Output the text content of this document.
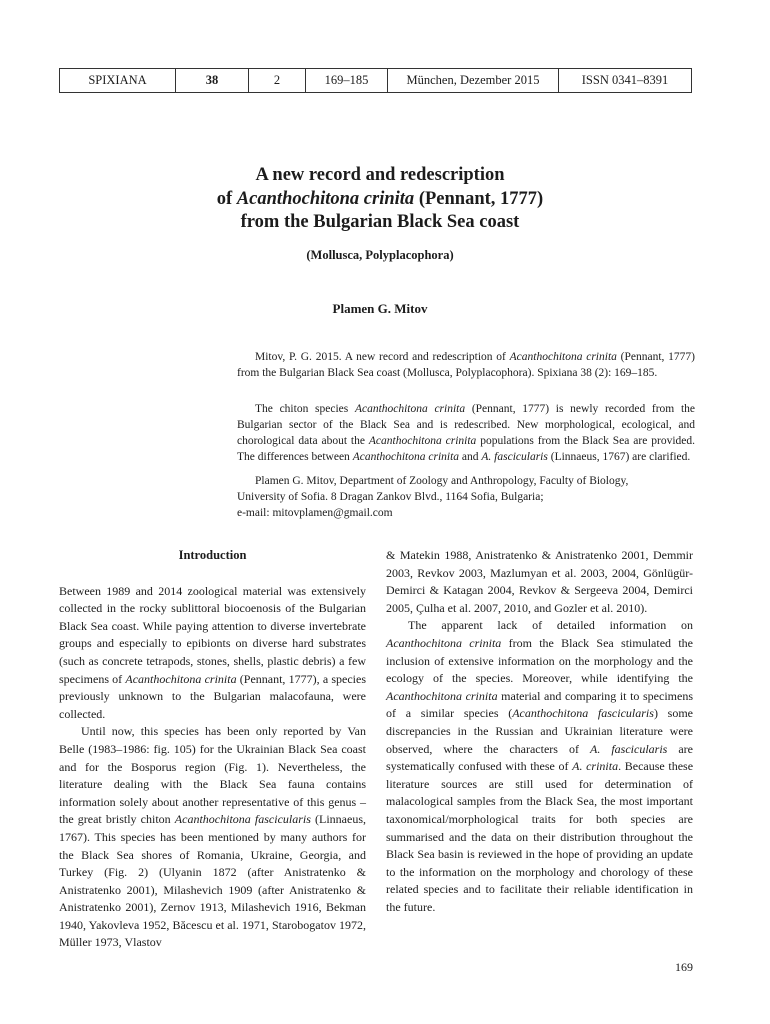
SPIXIANA	38	2	169–185	München, Dezember 2015	ISSN 0341–8391
A new record and redescription
of Acanthochitona crinita (Pennant, 1777)
from the Bulgarian Black Sea coast
(Mollusca, Polyplacophora)
Plamen G. Mitov

Mitov, P. G. 2015. A new record and redescription of Acanthochitona crinita (Pennant, 1777) from the Bulgarian Black Sea coast (Mollusca, Polyplacophora). Spixiana 38 (2): 169–185.

The chiton species Acanthochitona crinita (Pennant, 1777) is newly recorded from the Bulgarian sector of the Black Sea and is redescribed. New morphological, ecological, and chorological data about the Acanthochitona crinita populations from the Black Sea are provided. The differences between Acanthochitona crinita and A. fascicularis (Linnaeus, 1767) are clarified.

Plamen G. Mitov, Department of Zoology and Anthropology, Faculty of Biology,

University of Sofia. 8 Dragan Zankov Blvd., 1164 Sofia, Bulgaria;
e-mail: mitovplamen@gmail.com
Introduction

Between 1989 and 2014 zoological material was extensively collected in the rocky sublittoral biocoenosis of the Bulgarian Black Sea coast. While paying attention to diverse invertebrate groups and especially to epibionts on diverse hard substrates (such as concrete tetrapods, stones, shells, plastic debris) a few specimens of Acanthochitona crinita (Pennant, 1777), a species previously unknown to the Bulgarian malacofauna, were collected.

Until now, this species has been only reported by Van Belle (1983–1986: fig. 105) for the Ukrainian Black Sea coast and for the Bosporus region (Fig. 1). Nevertheless, the literature dealing with the Black Sea fauna contains information solely about another representative of this genus – the great bristly chiton Acanthochitona fascicularis (Linnaeus, 1767). This species has been mentioned by many authors for the Black Sea shores of Romania, Ukraine, Georgia, and Turkey (Fig. 2) (Ulyanin 1872 (after Anistratenko & Anistratenko 2001), Milashevich 1909 (after Anistratenko & Anistratenko 2001), Zernov 1913, Milashevich 1916, Bekman 1940, Yakovleva 1952, Băcescu et al. 1971, Starobogatov 1972, Müller 1973, Vlastov

& Matekin 1988, Anistratenko & Anistratenko 2001, Demmir 2003, Revkov 2003, Mazlumyan et al. 2003, 2004, Gönlügür-Demirci & Katagan 2004, Revkov & Sergeeva 2004, Demirci 2005, Çulha et al. 2007, 2010, and Gozler et al. 2010).

The apparent lack of detailed information on Acanthochitona crinita from the Black Sea stimulated the inclusion of extensive information on the morphology and the ecology of the species. Moreover, while identifying the Acanthochitona crinita material and comparing it to specimens of a similar species (Acanthochitona fascicularis) some discrepancies in the Russian and Ukrainian literature were observed, where the characters of A. fascicularis are systematically confused with these of A. crinita. Because these literature sources are still used for determination of malacological samples from the Black Sea, the most important taxonomical/morphological traits for both species are summarised and the data on their distribution throughout the Black Sea basin is reviewed in the hope of providing an update to the information on the morphology and chorology of these related species and to facilitate their reliable identification in the future.

169
